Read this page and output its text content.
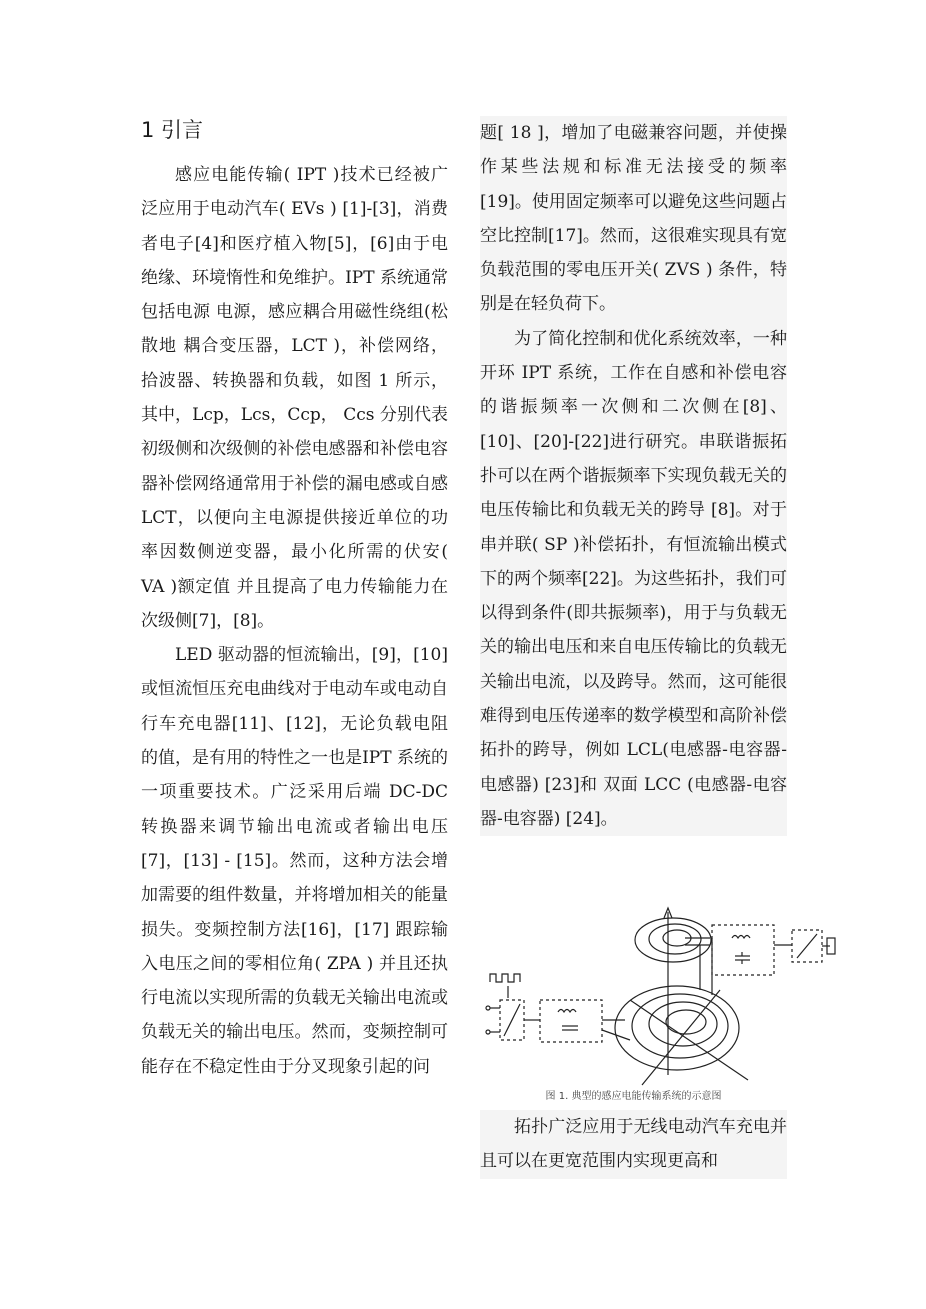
1 引言

感应电能传输( IPT )技术已经被广泛应用于电动汽车( EVs ) [1]-[3]，消费者电子[4]和医疗植入物[5]，[6]由于电绝缘、环境惰性和免维护。IPT 系统通常包括电源 电源，感应耦合用磁性绕组(松散地 耦合变压器，LCT )，补偿网络，拾波器、转换器和负载，如图 1 所示，其中，Lcp，Lcs，Ccp， Ccs 分别代表初级侧和次级侧的补偿电感器和补偿电容器补偿网络通常用于补偿的漏电感或自感LCT，以便向主电源提供接近单位的功率因数侧逆变器，最小化所需的伏安( VA )额定值 并且提高了电力传输能力在次级侧[7]，[8]。

LED 驱动器的恒流输出，[9]，[10]或恒流恒压充电曲线对于电动车或电动自行车充电器[11]、[12]，无论负载电阻的值，是有用的特性之一也是IPT 系统的一项重要技术。广泛采用后端 DC-DC 转换器来调节输出电流或者输出电压[7]，[13] - [15]。然而，这种方法会增加需要的组件数量，并将增加相关的能量损失。变频控制方法[16]，[17] 跟踪输入电压之间的零相位角( ZPA ) 并且还执行电流以实现所需的负载无关输出电流或负载无关的输出电压。然而，变频控制可能存在不稳定性由于分叉现象引起的问

题[ 18 ]，增加了电磁兼容问题，并使操作某些法规和标准无法接受的频率 [19]。使用固定频率可以避免这些问题占空比控制[17]。然而，这很难实现具有宽负载范围的零电压开关( ZVS ) 条件，特别是在轻负荷下。

为了简化控制和优化系统效率，一种开环 IPT 系统，工作在自感和补偿电容的谐振频率一次侧和二次侧在[8]、[10]、[20]-[22]进行研究。串联谐振拓扑可以在两个谐振频率下实现负载无关的电压传输比和负载无关的跨导 [8]。对于串并联( SP )补偿拓扑，有恒流输出模式下的两个频率[22]。为这些拓扑，我们可以得到条件(即共振频率)，用于与负载无关的输出电压和来自电压传输比的负载无关输出电流，以及跨导。然而，这可能很难得到电压传递率的数学模型和高阶补偿拓扑的跨导，例如 LCL(电感器-电容器-电感器) [23]和 双面 LCC (电感器-电容器-电容器) [24]。

图 1. 典型的感应电能传输系统的示意图

拓扑广泛应用于无线电动汽车充电并且可以在更宽范围内实现更高和
